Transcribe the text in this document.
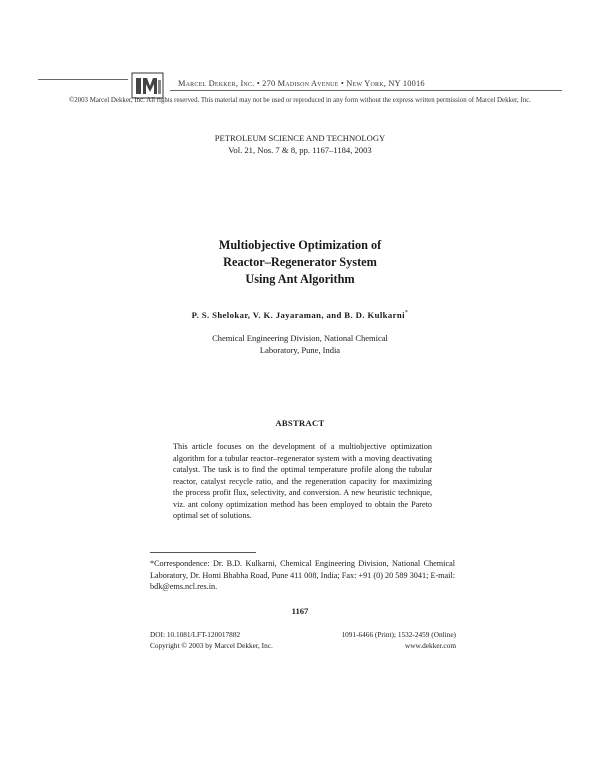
Marcel Dekker, Inc. • 270 Madison Avenue • New York, NY 10016
©2003 Marcel Dekker, Inc. All rights reserved. This material may not be used or reproduced in any form without the express written permission of Marcel Dekker, Inc.
PETROLEUM SCIENCE AND TECHNOLOGY
Vol. 21, Nos. 7 & 8, pp. 1167–1184, 2003
Multiobjective Optimization of
Reactor–Regenerator System
Using Ant Algorithm
P. S. Shelokar, V. K. Jayaraman, and B. D. Kulkarni*
Chemical Engineering Division, National Chemical
Laboratory, Pune, India
ABSTRACT
This article focuses on the development of a multiobjective optimization algorithm for a tubular reactor–regenerator system with a moving deactivating catalyst. The task is to find the optimal temperature profile along the tubular reactor, catalyst recycle ratio, and the regeneration capacity for maximizing the process profit flux, selectivity, and conversion. A new heuristic technique, viz. ant colony optimization method has been employed to obtain the Pareto optimal set of solutions.
*Correspondence: Dr. B.D. Kulkarni, Chemical Engineering Division, National Chemical Laboratory, Dr. Homi Bhabha Road, Pune 411 008, India; Fax: +91 (0) 20 589 3041; E-mail: bdk@ems.ncl.res.in.
1167
DOI: 10.1081/LFT-120017882
Copyright © 2003 by Marcel Dekker, Inc.
1091-6466 (Print); 1532-2459 (Online)
www.dekker.com
